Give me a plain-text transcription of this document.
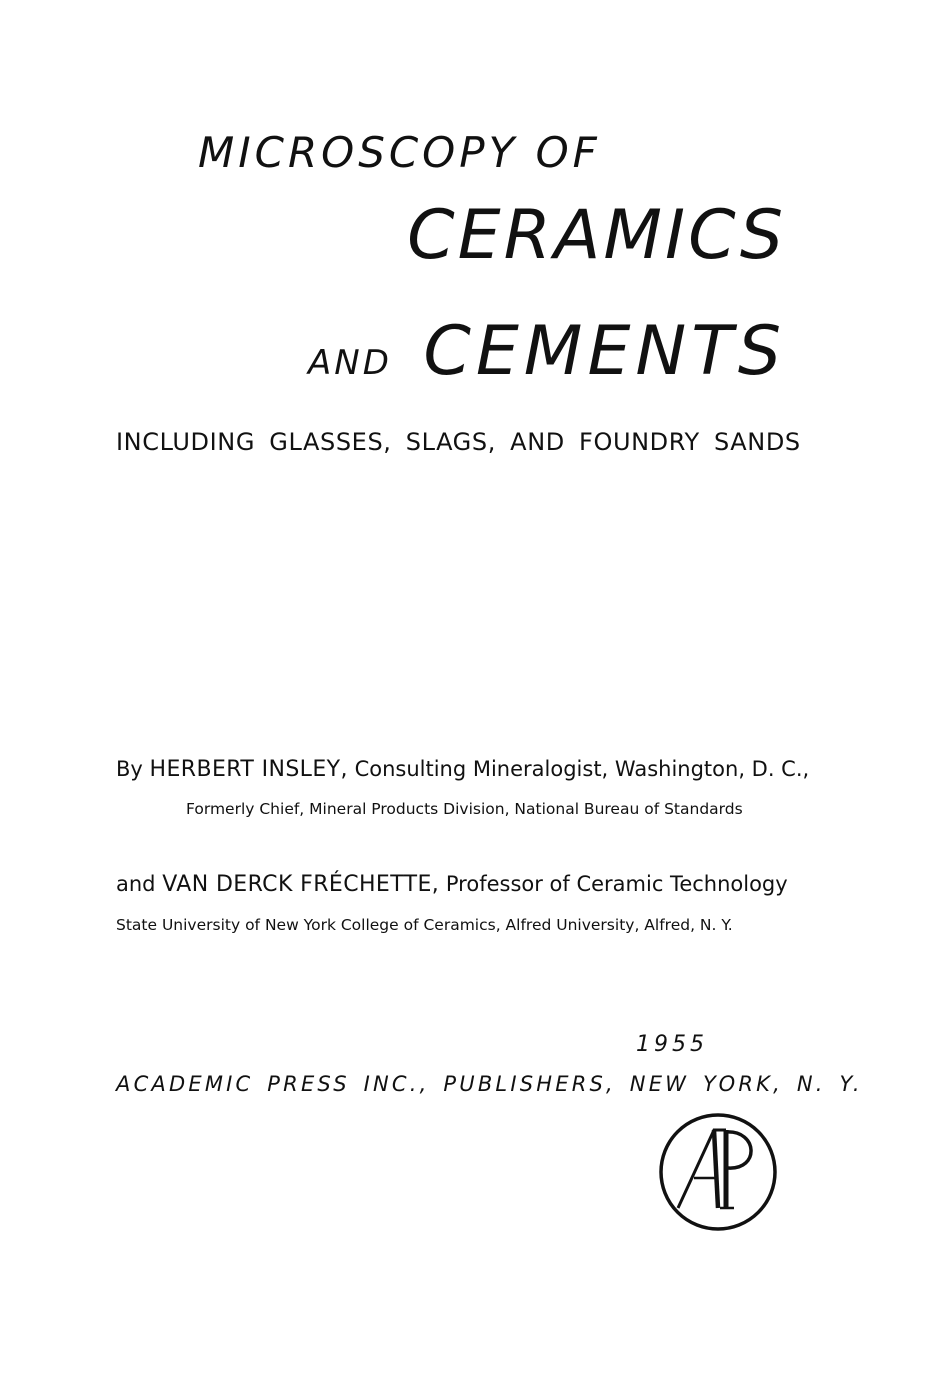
MICROSCOPY OF
CERAMICS
AND CEMENTS
INCLUDING GLASSES, SLAGS, AND FOUNDRY SANDS
By HERBERT INSLEY, Consulting Mineralogist, Washington, D. C.,
Formerly Chief, Mineral Products Division, National Bureau of Standards
and VAN DERCK FRÉCHETTE, Professor of Ceramic Technology
State University of New York College of Ceramics, Alfred University, Alfred, N. Y.
1955
ACADEMIC PRESS INC., PUBLISHERS, NEW YORK, N. Y.
